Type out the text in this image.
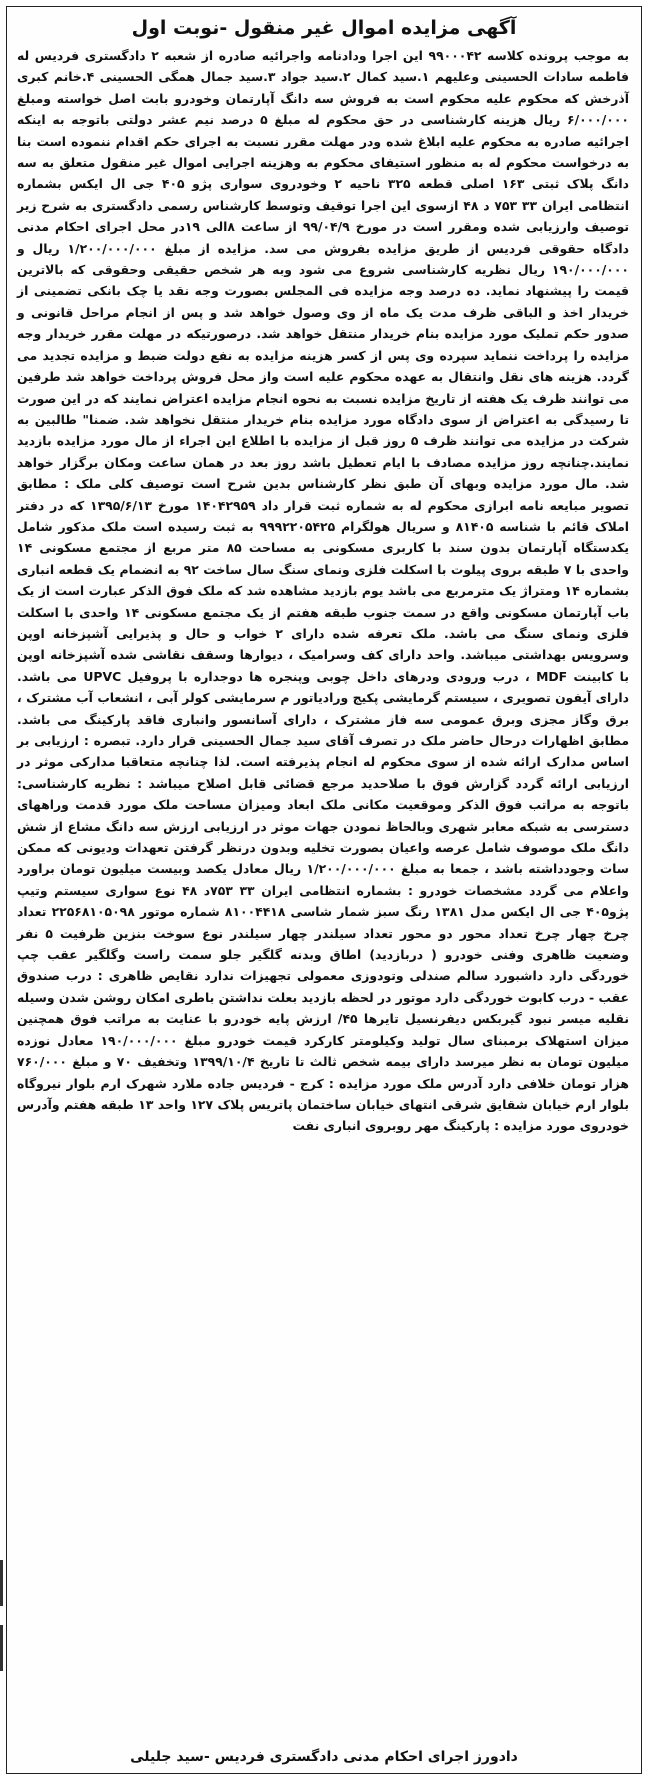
آگهی مزایده اموال غیر منقول -نوبت اول

به موجب پرونده کلاسه ۹۹۰۰۰۴۲ این اجرا ودادنامه واجرائیه صادره از شعبه ۲ دادگستری فردیس له فاطمه سادات الحسینی وعلیهم ۱.سید کمال ۲.سید جواد ۳.سید جمال همگی الحسینی ۴.خانم کبری آذرخش که محکوم علیه محکوم است به فروش سه دانگ آپارتمان وخودرو بابت اصل خواسته ومبلغ ۶/۰۰۰/۰۰۰ ریال هزینه کارشناسی در حق محکوم له مبلغ ۵ درصد نیم عشر دولتی باتوجه به اینکه اجرائیه صادره به محکوم علیه ابلاغ شده ودر مهلت مقرر نسبت به اجرای حکم اقدام ننموده است بنا به درخواست محکوم له به منظور استیفای محکوم به وهزینه اجرایی اموال غیر منقول متعلق به سه دانگ پلاک ثبتی ۱۶۳ اصلی قطعه ۳۲۵ ناحیه ۲ وخودروی سواری پژو ۴۰۵ جی ال ایکس بشماره انتظامی ایران ۳۳ ۷۵۳ د ۴۸ ازسوی این اجرا توقیف وتوسط کارشناس رسمی دادگستری به شرح زیر توصیف وارزیابی شده ومقرر است در مورخ ۹۹/۰۴/۹ از ساعت ۸الی ۱۹در محل اجرای احکام مدنی دادگاه حقوقی فردیس از طریق مزایده بفروش می سد. مزایده از مبلغ ۱/۲۰۰/۰۰۰/۰۰۰ ریال و ۱۹۰/۰۰۰/۰۰۰ ریال نظریه کارشناسی شروع می شود وبه هر شخص حقیقی وحقوقی که بالاترین قیمت را پیشنهاد نماید. ده درصد وجه مزایده فی المجلس بصورت وجه نقد یا چک بانکی تضمینی از خریدار اخذ و الباقی ظرف مدت یک ماه از وی وصول خواهد شد و پس از انجام مراحل قانونی و صدور حکم تملیک مورد مزایده بنام خریدار منتقل خواهد شد. درصورتیکه در مهلت مقرر خریدار وجه مزایده را پرداخت ننماید سپرده وی پس از کسر هزینه مزایده به نفع دولت ضبط و مزایده تجدید می گردد. هزینه های نقل وانتقال به عهده محکوم علیه است واز محل فروش پرداخت خواهد شد طرفین می توانند ظرف یک هفته از تاریخ مزایده نسبت به نحوه انجام مزایده اعتراض نمایند که در این صورت تا رسیدگی به اعتراض از سوی دادگاه مورد مزایده بنام خریدار منتقل نخواهد شد. ضمنا" طالبین به شرکت در مزایده می توانند ظرف ۵ روز قبل از مزایده با اطلاع این اجراء از مال مورد مزایده بازدید نمایند.چنانچه روز مزایده مصادف با ایام تعطیل باشد روز بعد در همان ساعت ومکان برگزار خواهد شد. مال مورد مزایده وبهای آن طبق نظر کارشناس بدین شرح است توصیف کلی ملک : مطابق تصویر مبایعه نامه ابرازی محکوم له به شماره ثبت قرار داد ۱۴۰۴۲۹۵۹ مورخ ۱۳۹۵/۶/۱۳ که در دفتر املاک قائم با شناسه ۸۱۴۰۵ و سریال هولگرام ۹۹۹۲۲۰۵۴۲۵ به ثبت رسیده است ملک مذکور شامل یکدستگاه آپارتمان بدون سند با کاربری مسکونی به مساحت ۸۵ متر مربع از مجتمع مسکونی ۱۴ واحدی با ۷ طبقه بروی پیلوت با اسکلت فلزی ونمای سنگ سال ساخت ۹۲ به انضمام یک قطعه انباری بشماره ۱۴ ومتراژ یک مترمربع می باشد یوم بازدید مشاهده شد که ملک فوق الذکر عبارت است از یک باب آپارتمان مسکونی واقع در سمت جنوب طبقه هفتم از یک مجتمع مسکونی ۱۴ واحدی با اسکلت فلزی ونمای سنگ می باشد. ملک تعرفه شده دارای ۲ خواب و حال و پذیرایی آشپزخانه اوپن وسرویس بهداشتی میباشد. واحد دارای کف وسرامیک ، دیوارها وسقف نقاشی شده آشپزخانه اوپن با کابینت MDF ، درب ورودی ودرهای داخل چوبی وپنجره ها دوجداره با پروفیل UPVC می باشد. دارای آیفون تصویری ، سیستم گرمایشی پکیج ورادیاتور م سرمایشی کولر آبی ، انشعاب آب مشترک ، برق وگاز مجزی وبرق عمومی سه فاز مشترک ، دارای آسانسور وانباری فاقد پارکینگ می باشد. مطابق اظهارات درحال حاضر ملک در تصرف آقای سید جمال الحسینی قرار دارد. تبصره : ارزیابی بر اساس مدارک ارائه شده از سوی محکوم له انجام پذیرفته است. لذا چنانچه متعاقبا مدارکی موثر در ارزیابی ارائه گردد گزارش فوق با صلاحدید مرجع قضائی قابل اصلاح میباشد : نظریه کارشناسی: باتوجه به مراتب فوق الذکر وموقعیت مکانی ملک ابعاد ومیزان مساحت ملک مورد قدمت وراههای دسترسی به شبکه معابر شهری وبالحاظ نمودن جهات موثر در ارزیابی ارزش سه دانگ مشاع از شش دانگ ملک موصوف شامل عرصه واعیان بصورت تخلیه وبدون درنظر گرفتن تعهدات ودیونی که ممکن سات وجودداشته باشد ، جمعا به مبلغ ۱/۲۰۰/۰۰۰/۰۰۰ ریال معادل یکصد وبیست میلیون تومان براورد واعلام می گردد مشخصات خودرو : بشماره انتظامی ایران ۳۳ ۷۵۳د ۴۸ نوع سواری سیستم وتیپ پژو۴۰۵ جی ال ایکس مدل ۱۳۸۱ رنگ سبز شمار شاسی ۸۱۰۰۴۴۱۸ شماره موتور ۲۲۵۶۸۱۰۵۰۹۸ تعداد چرخ چهار چرخ تعداد محور دو محور تعداد سیلندر چهار سیلندر نوع سوخت بنزین ظرفیت ۵ نفر وضعیت ظاهری وفنی خودرو ( دربازدید) اطاق وبدنه گلگیر جلو سمت راست وگلگیر عقب چپ خوردگی دارد داشبورد سالم صندلی وتودوزی معمولی تجهیزات ندارد نقایص ظاهری : درب صندوق عقب - درب کابوت خوردگی دارد موتور در لحظه بازدید بعلت نداشتن باطری امکان روشن شدن وسیله نقلیه میسر نبود گیربکس دیفرنسیل تایرها ۴۵/ ارزش پایه خودرو با عنایت به مراتب فوق همچنین میزان استهلاک برمبنای سال تولید وکیلومتر کارکرد قیمت خودرو مبلغ ۱۹۰/۰۰۰/۰۰۰ معادل نوزده میلیون تومان به نظر میرسد دارای بیمه شخص ثالث تا تاریخ ۱۳۹۹/۱۰/۴ وتخفیف ۷۰ و مبلغ ۷۶۰/۰۰۰ هزار تومان خلافی دارد آدرس ملک مورد مزایده : کرج - فردیس جاده ملارد شهرک ارم بلوار نیروگاه بلوار ارم خیابان شقایق شرقی انتهای خیابان ساختمان پاتریس پلاک ۱۲۷ واحد ۱۳ طبقه هفتم وآدرس خودروی مورد مزایده : پارکینگ مهر روبروی انباری نفت

دادورز اجرای احکام مدنی دادگستری فردیس -سید جلیلی
